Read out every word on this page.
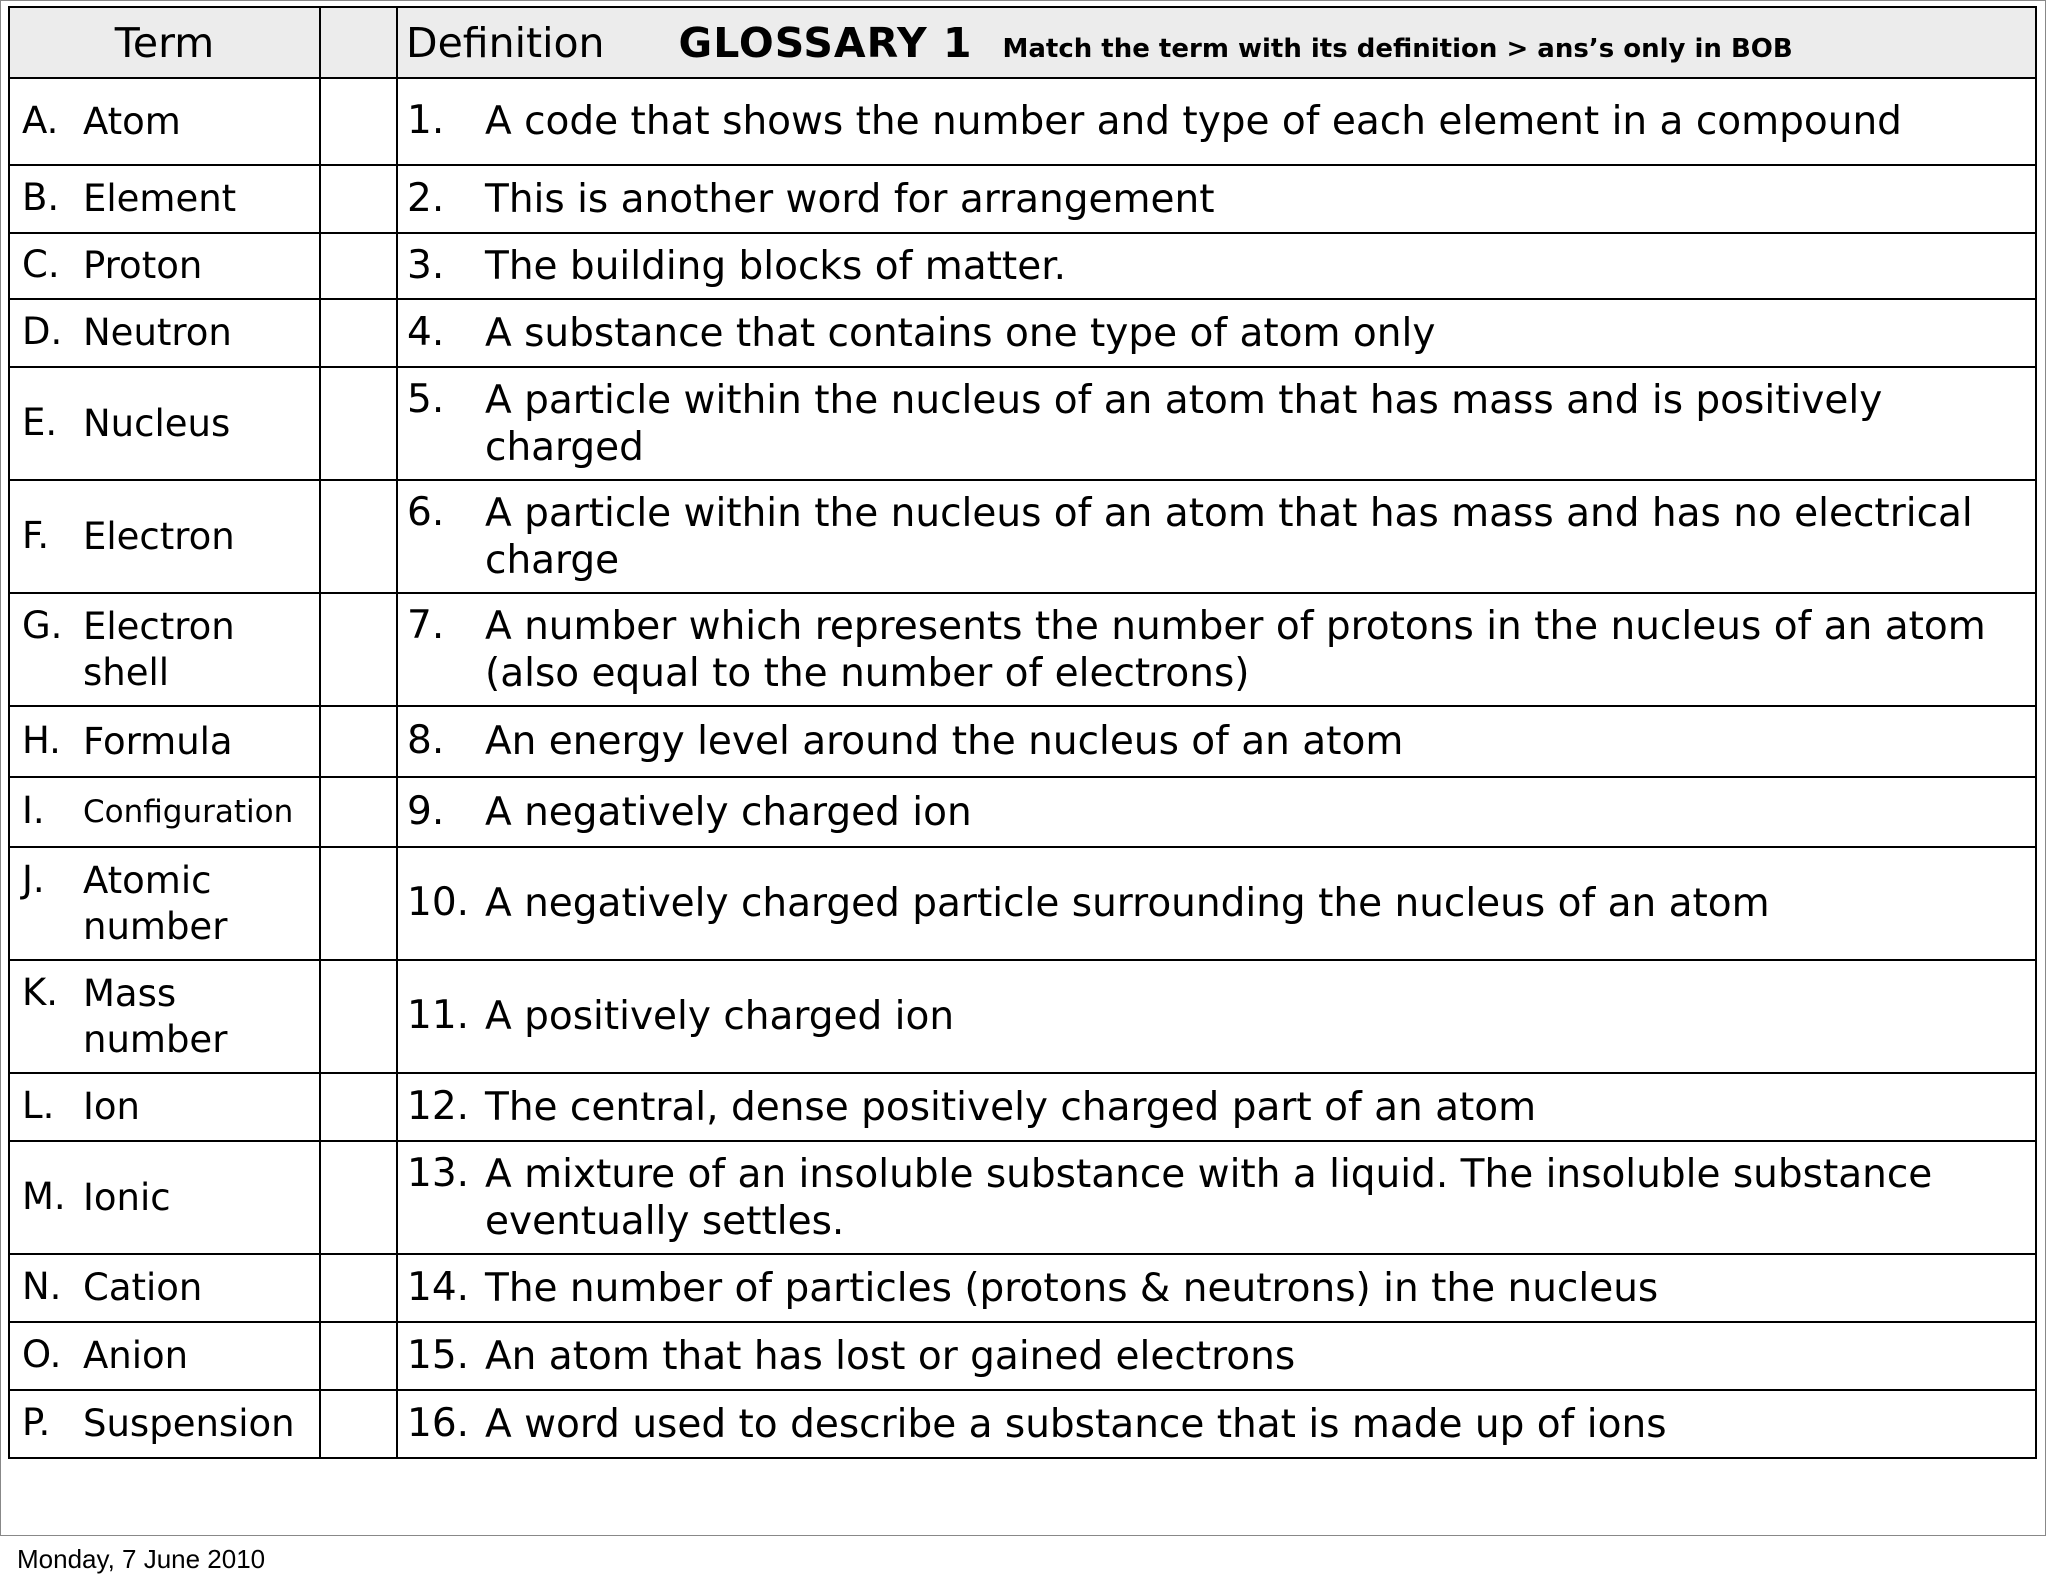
Term		Definition GLOSSARY 1 Match the term with its definition > ans’s only in BOB

A. Atom		1. A code that shows the number and type of each element in a compound

B. Element		2. This is another word for arrangement

C. Proton		3. The building blocks of matter.

D. Neutron		4. A substance that contains one type of atom only

E. Nucleus		5. A particle within the nucleus of an atom that has mass and is positively charged

F. Electron		6. A particle within the nucleus of an atom that has mass and has no electrical charge

G. Electron shell		7. A number which represents the number of protons in the nucleus of an atom (also equal to the number of electrons)

H. Formula		8. An energy level around the nucleus of an atom

I. Configuration		9. A negatively charged ion

J. Atomic number		10. A negatively charged particle surrounding the nucleus of an atom

K. Mass number		11. A positively charged ion

L. Ion		12. The central, dense positively charged part of an atom

M. Ionic		13. A mixture of an insoluble substance with a liquid. The insoluble substance eventually settles.

N. Cation		14. The number of particles (protons & neutrons) in the nucleus

O. Anion		15. An atom that has lost or gained electrons

P. Suspension		16. A word used to describe a substance that is made up of ions
Monday, 7 June 2010
